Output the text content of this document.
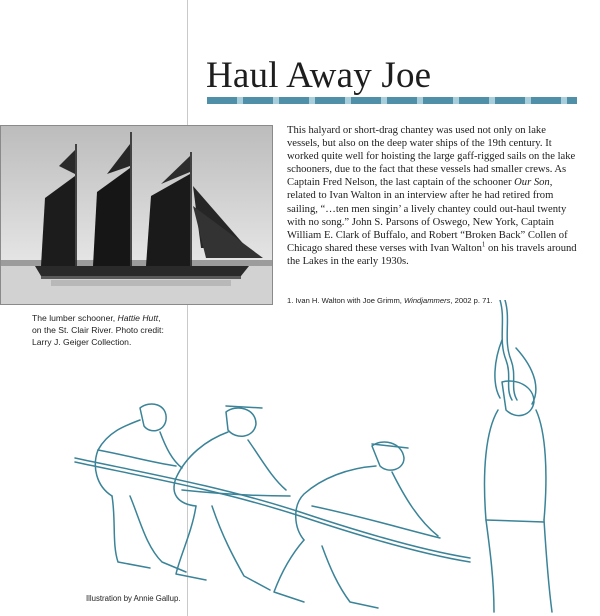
Haul Away Joe
The lumber schooner, Hattie Hutt,
on the St. Clair River. Photo credit:
Larry J. Geiger Collection.

This halyard or short-drag chantey was used not only on lake vessels, but also on the deep water ships of the 19th century. It worked quite well for hoisting the large gaff-rigged sails on the lake schooners, due to the fact that these vessels had smaller crews. As Captain Fred Nelson, the last captain of the schooner Our Son, related to Ivan Walton in an interview after he had retired from sailing, “…ten men singin’ a lively chantey could out-haul twenty with no song.” John S. Parsons of Oswego, New York, Captain William E. Clark of Buffalo, and Robert “Broken Back” Collen of Chicago shared these verses with Ivan Walton$^1$ on his travels around the Lakes in the early 1930s.

1. Ivan H. Walton with Joe Grimm, Windjammers, 2002 p. 71.
Illustration by Annie Gallup.
